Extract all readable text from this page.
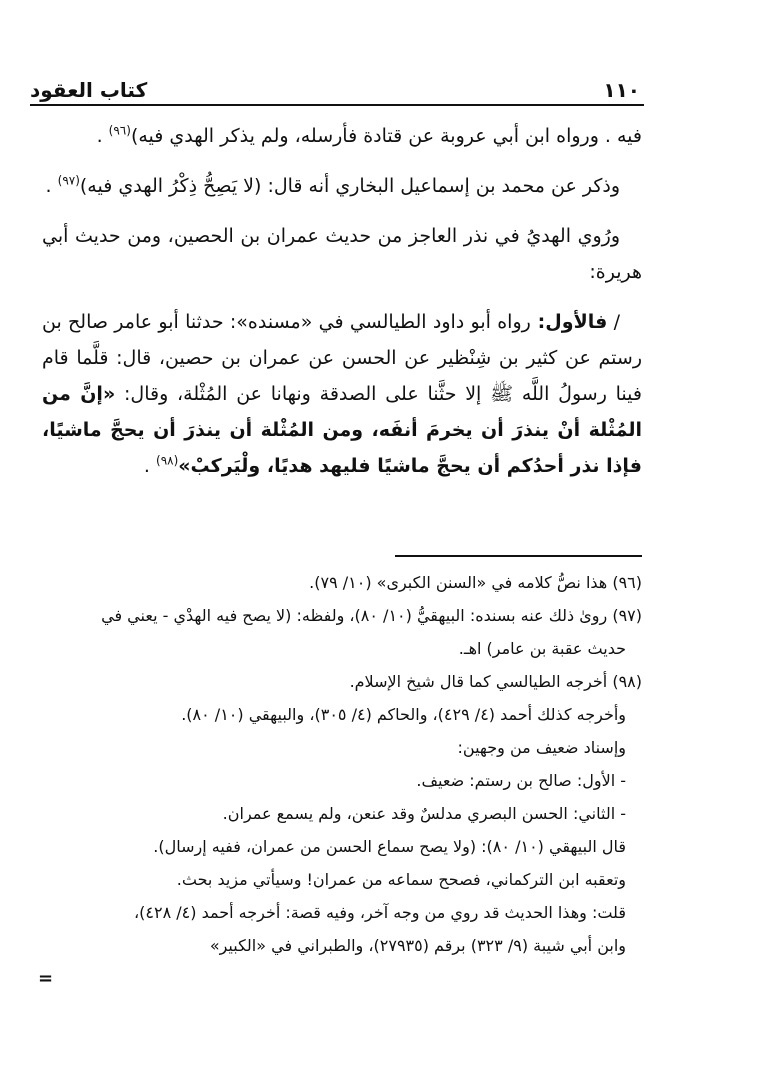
١١٠
كتاب العقود

فيه . ورواه ابن أبي عروبة عن قتادة فأرسله، ولم يذكر الهدي فيه)$^{(٩٦)}$ .

وذكر عن محمد بن إسماعيل البخاري أنه قال: (لا يَصِحُّ ذِكْرُ الهدي فيه)$^{(٩٧)}$ .

ورُوي الهديُ في نذر العاجز من حديث عمران بن الحصين، ومن حديث أبي هريرة:

/ فالأول: رواه أبو داود الطيالسي في «مسنده»: حدثنا أبو عامر صالح بن رستم عن كثير بن شِنْظير عن الحسن عن عمران بن حصين، قال: قلَّما قام فينا رسولُ اللَّه ﷺ إلا حثَّنا على الصدقة ونهانا عن المُثْلة، وقال: «إنَّ من المُثْلة أنْ ينذرَ أن يخرمَ أنفَه، ومن المُثْلة أن ينذرَ أن يحجَّ ماشيًا، فإذا نذر أحدُكم أن يحجَّ ماشيًا فليهد هديًا، ولْيَركبْ»$^{(٩٨)}$ .

(٩٦) هذا نصُّ كلامه في «السنن الكبرى» (١٠/ ٧٩).

(٩٧) روىٰ ذلك عنه بسنده: البيهقيُّ (١٠/ ٨٠)، ولفظه: (لا يصح فيه الهدْي - يعني في

حديث عقبة بن عامر) اهـ.

(٩٨) أخرجه الطيالسي كما قال شيخ الإسلام.

وأخرجه كذلك أحمد (٤/ ٤٢٩)، والحاكم (٤/ ٣٠٥)، والبيهقي (١٠/ ٨٠).

وإسناد ضعيف من وجهين:

- الأول: صالح بن رستم: ضعيف.

- الثاني: الحسن البصري مدلسٌ وقد عنعن، ولم يسمع عمران.

قال البيهقي (١٠/ ٨٠): (ولا يصح سماع الحسن من عمران، ففيه إرسال).

وتعقبه ابن التركماني، فصحح سماعه من عمران! وسيأتي مزيد بحث.

قلت: وهذا الحديث قد روي من وجه آخر، وفيه قصة: أخرجه أحمد (٤/ ٤٢٨)،

وابن أبي شيبة (٩/ ٣٢٣) برقم (٢٧٩٣٥)، والطبراني في «الكبير»

=
